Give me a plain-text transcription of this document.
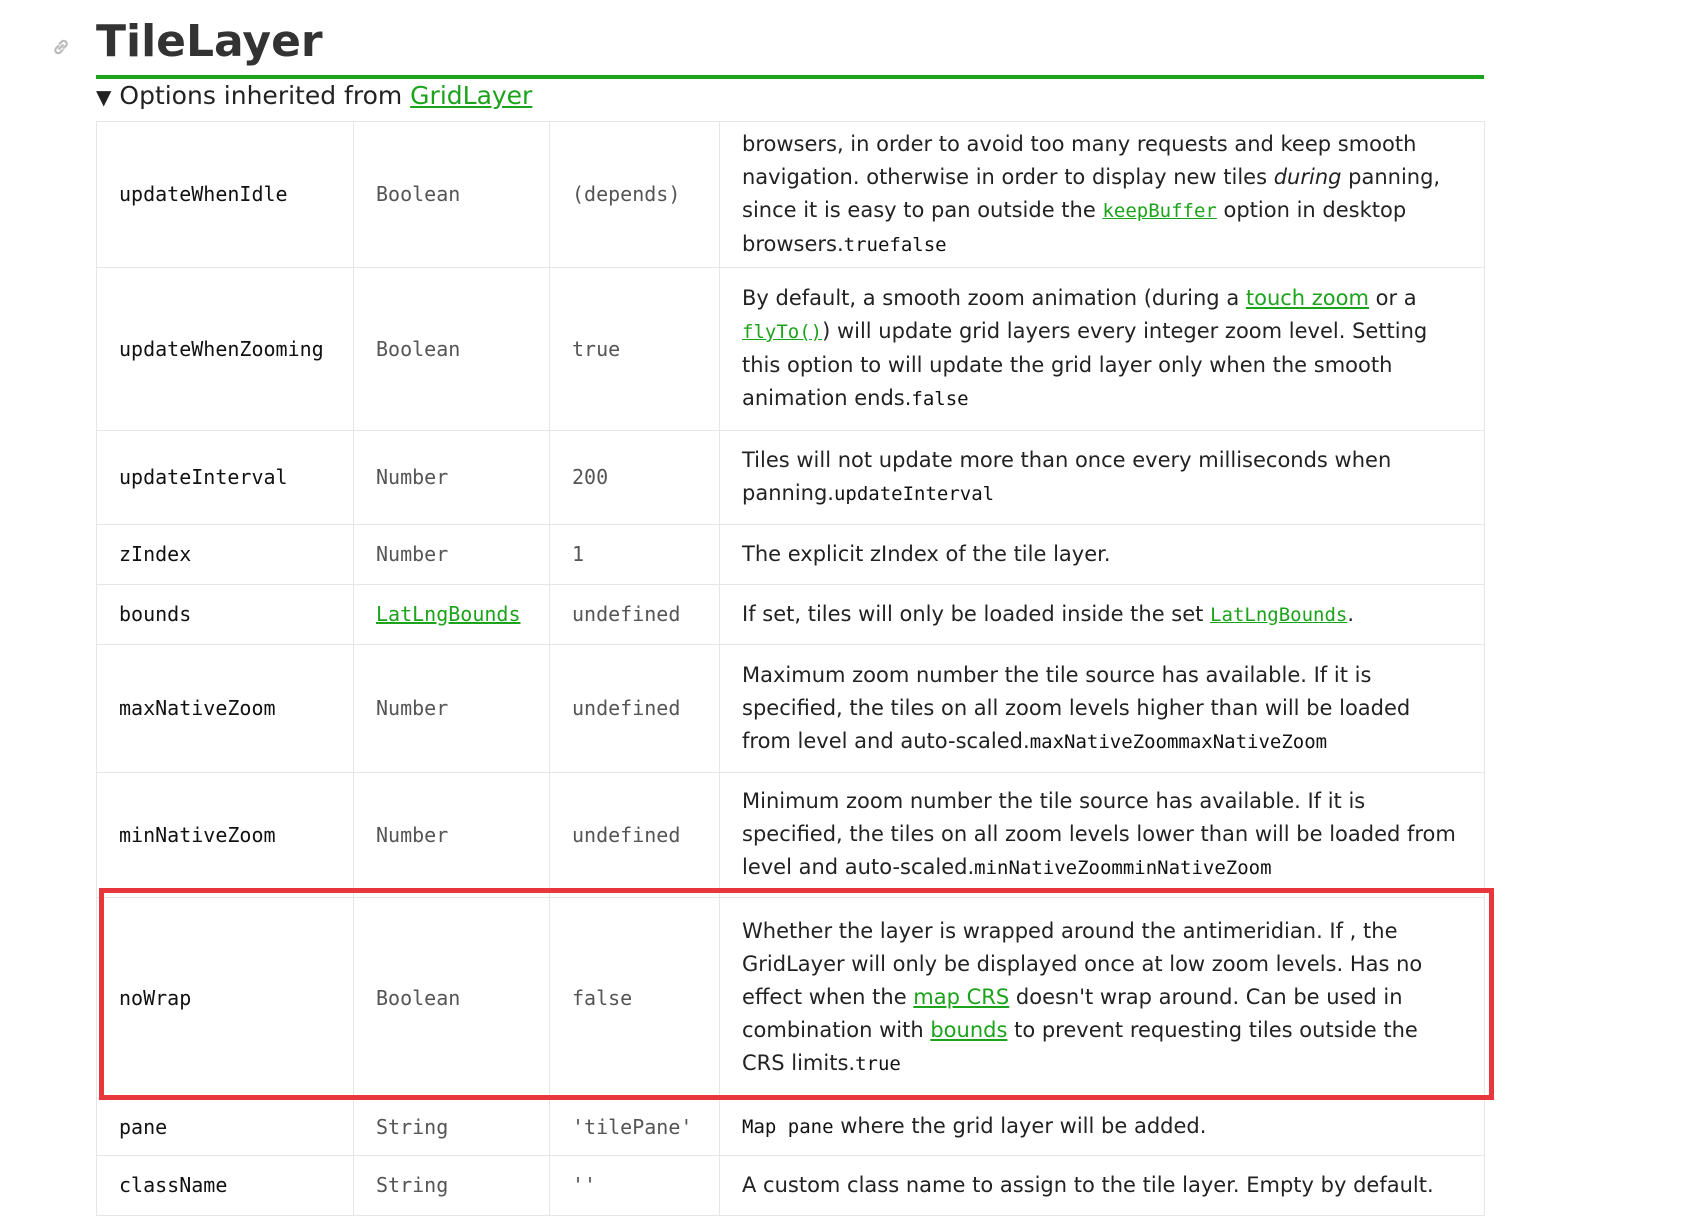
TileLayer
▼ Options inherited from GridLayer
updateWhenIdle	Boolean	(depends)	browsers, in order to avoid too many requests and keep smooth navigation. otherwise in order to display new tiles during panning, since it is easy to pan outside the keepBuffer option in desktop browsers.truefalse
updateWhenZooming	Boolean	true	By default, a smooth zoom animation (during a touch zoom or a flyTo()) will update grid layers every integer zoom level. Setting this option to will update the grid layer only when the smooth animation ends.false
updateInterval	Number	200	Tiles will not update more than once every milliseconds when panning.updateInterval
zIndex	Number	1	The explicit zIndex of the tile layer.
bounds	LatLngBounds	undefined	If set, tiles will only be loaded inside the set LatLngBounds.
maxNativeZoom	Number	undefined	Maximum zoom number the tile source has available. If it is specified, the tiles on all zoom levels higher than will be loaded from level and auto-scaled.maxNativeZoommaxNativeZoom
minNativeZoom	Number	undefined	Minimum zoom number the tile source has available. If it is specified, the tiles on all zoom levels lower than will be loaded from level and auto-scaled.minNativeZoomminNativeZoom
noWrap	Boolean	false	Whether the layer is wrapped around the antimeridian. If , the GridLayer will only be displayed once at low zoom levels. Has no effect when the map CRS doesn't wrap around. Can be used in combination with bounds to prevent requesting tiles outside the CRS limits.true
pane	String	'tilePane'	Map pane where the grid layer will be added.
className	String	''	A custom class name to assign to the tile layer. Empty by default.
